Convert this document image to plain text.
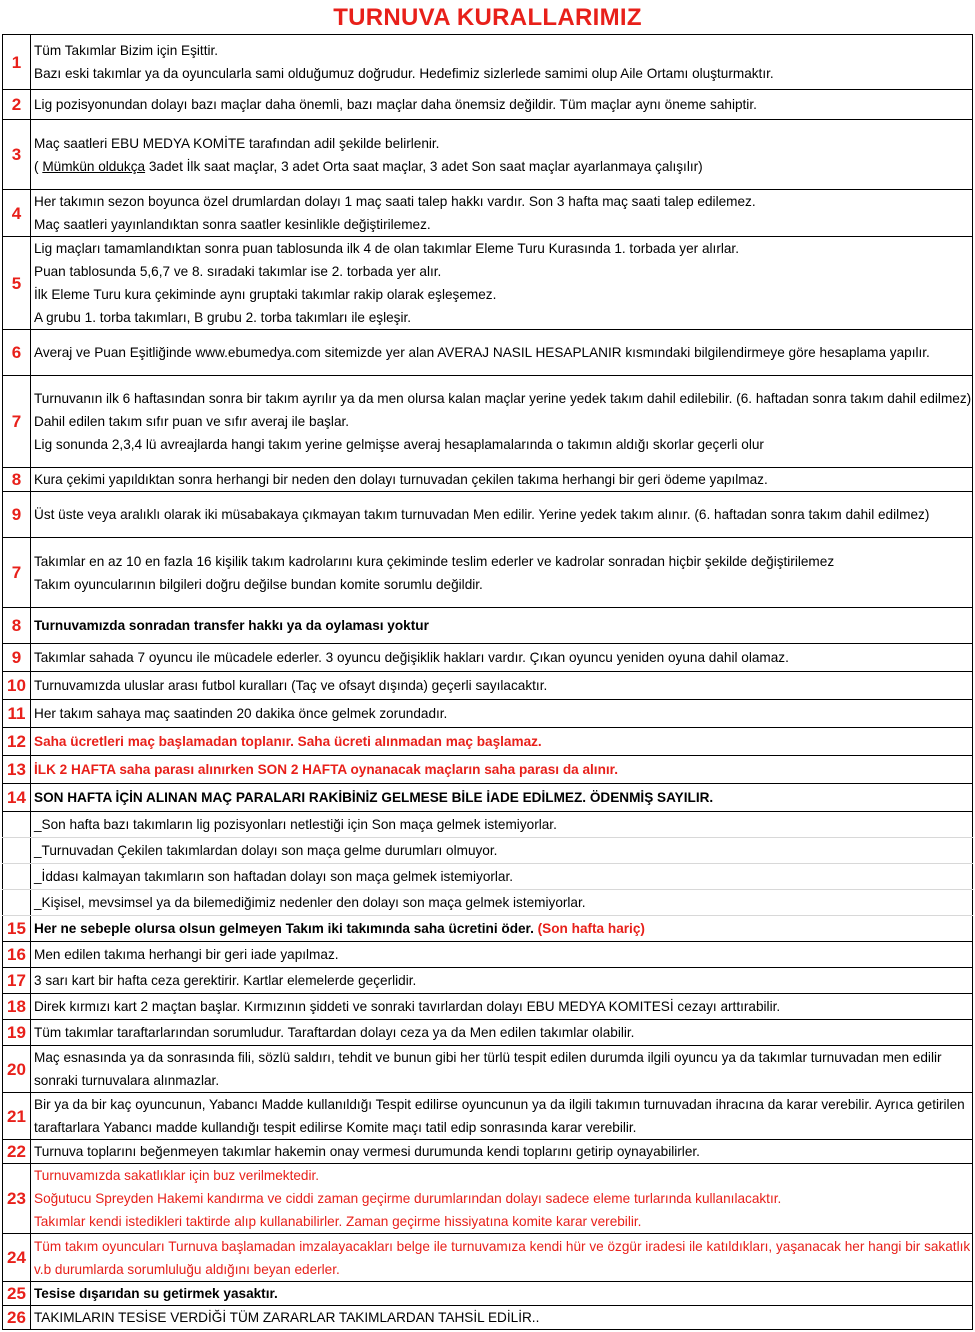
TURNUVA KURALLARIMIZ
1	Tüm Takımlar Bizim için Eşittir.
Bazı eski takımlar ya da oyuncularla sami olduğumuz doğrudur. Hedefimiz sizlerlede samimi olup Aile Ortamı oluşturmaktır.

2	Lig pozisyonundan dolayı bazı maçlar daha önemli, bazı maçlar daha önemsiz değildir. Tüm maçlar aynı öneme sahiptir.

3	Maç saatleri EBU MEDYA KOMİTE tarafından adil şekilde belirlenir.
( Mümkün oldukça 3adet İlk saat maçlar, 3 adet Orta saat maçlar, 3 adet Son saat maçlar ayarlanmaya çalışılır)

4	Her takımın sezon boyunca özel drumlardan dolayı 1 maç saati talep hakkı vardır. Son 3 hafta maç saati talep edilemez.
Maç saatleri yayınlandıktan sonra saatler kesinlikle değiştirilemez.

5	Lig maçları tamamlandıktan sonra puan tablosunda ilk 4 de olan takımlar Eleme Turu Kurasında 1. torbada yer alırlar.
Puan tablosunda 5,6,7 ve 8. sıradaki takımlar ise 2. torbada yer alır.
İlk Eleme Turu kura çekiminde aynı gruptaki takımlar rakip olarak eşleşemez.
A grubu 1. torba takımları, B grubu 2. torba takımları ile eşleşir.

6	Averaj ve Puan Eşitliğinde www.ebumedya.com sitemizde yer alan AVERAJ NASIL HESAPLANIR kısmındaki bilgilendirmeye göre hesaplama yapılır.

7	Turnuvanın ilk 6 haftasından sonra bir takım ayrılır ya da men olursa kalan maçlar yerine yedek takım dahil edilebilir. (6. haftadan sonra takım dahil edilmez)
Dahil edilen takım sıfır puan ve sıfır averaj ile başlar.
Lig sonunda 2,3,4 lü avreajlarda hangi takım yerine gelmişse averaj hesaplamalarında o takımın aldığı skorlar geçerli olur

8	Kura çekimi yapıldıktan sonra herhangi bir neden den dolayı turnuvadan çekilen takıma herhangi bir geri ödeme yapılmaz.

9	Üst üste veya aralıklı olarak iki müsabakaya çıkmayan takım turnuvadan Men edilir. Yerine yedek takım alınır. (6. haftadan sonra takım dahil edilmez)

7	Takımlar en az 10 en fazla 16 kişilik takım kadrolarını kura çekiminde teslim ederler ve kadrolar sonradan hiçbir şekilde değiştirilemez
Takım oyuncularının bilgileri doğru değilse bundan komite sorumlu değildir.

8	Turnuvamızda sonradan transfer hakkı ya da oylaması yoktur

9	Takımlar sahada 7 oyuncu ile mücadele ederler. 3 oyuncu değişiklik hakları vardır. Çıkan oyuncu yeniden oyuna dahil olamaz.

10	Turnuvamızda uluslar arası futbol kuralları (Taç ve ofsayt dışında) geçerli sayılacaktır.

11	Her takım sahaya maç saatinden 20 dakika önce gelmek zorundadır.

12	Saha ücretleri maç başlamadan toplanır. Saha ücreti alınmadan maç başlamaz.

13	İLK 2 HAFTA saha parası alınırken SON 2 HAFTA oynanacak maçların saha parası da alınır.

14	SON HAFTA İÇİN ALINAN MAÇ PARALARI RAKİBİNİZ GELMESE BİLE İADE EDİLMEZ. ÖDENMİŞ SAYILIR.

	_Son hafta bazı takımların lig pozisyonları netlestiği için Son maça gelmek istemiyorlar.

	_Turnuvadan Çekilen takımlardan dolayı son maça gelme durumları olmuyor.

	_İddası kalmayan takımların son haftadan dolayı son maça gelmek istemiyorlar.

	_Kişisel, mevsimsel ya da bilemediğimiz nedenler den dolayı son maça gelmek istemiyorlar.

15	Her ne sebeple olursa olsun gelmeyen Takım iki takımında saha ücretini öder. (Son hafta hariç)

16	Men edilen takıma herhangi bir geri iade yapılmaz.

17	3 sarı kart bir hafta ceza gerektirir. Kartlar elemelerde geçerlidir.

18	Direk kırmızı kart 2 maçtan başlar. Kırmızının şiddeti ve sonraki tavırlardan dolayı EBU MEDYA KOMITESİ cezayı arttırabilir.

19	Tüm takımlar taraftarlarından sorumludur. Taraftardan dolayı ceza ya da Men edilen takımlar olabilir.

20	Maç esnasında ya da sonrasında fili, sözlü saldırı, tehdit ve bunun gibi her türlü tespit edilen durumda ilgili oyuncu ya da takımlar turnuvadan men edilir sonraki turnuvalara alınmazlar.

21	Bir ya da bir kaç oyuncunun, Yabancı Madde kullanıldığı Tespit edilirse oyuncunun ya da ilgili takımın turnuvadan ihracına da karar verebilir. Ayrıca getirilen taraftarlara Yabancı madde kullandığı tespit edilirse Komite maçı tatil edip sonrasında karar verebilir.

22	Turnuva toplarını beğenmeyen takımlar hakemin onay vermesi durumunda kendi toplarını getirip oynayabilirler.

23	Turnuvamızda sakatlıklar için buz verilmektedir.
Soğutucu Spreyden Hakemi kandırma ve ciddi zaman geçirme durumlarından dolayı sadece eleme turlarında kullanılacaktır.
Takımlar kendi istedikleri taktirde alıp kullanabilirler. Zaman geçirme hissiyatına komite karar verebilir.

24	Tüm takım oyuncuları Turnuva başlamadan imzalayacakları belge ile turnuvamıza kendi hür ve özgür iradesi ile katıldıkları, yaşanacak her hangi bir sakatlık v.b durumlarda sorumluluğu aldığını beyan ederler.

25	Tesise dışarıdan su getirmek yasaktır.

26	TAKIMLARIN TESİSE VERDİĞİ TÜM ZARARLAR TAKIMLARDAN TAHSİL EDİLİR..
